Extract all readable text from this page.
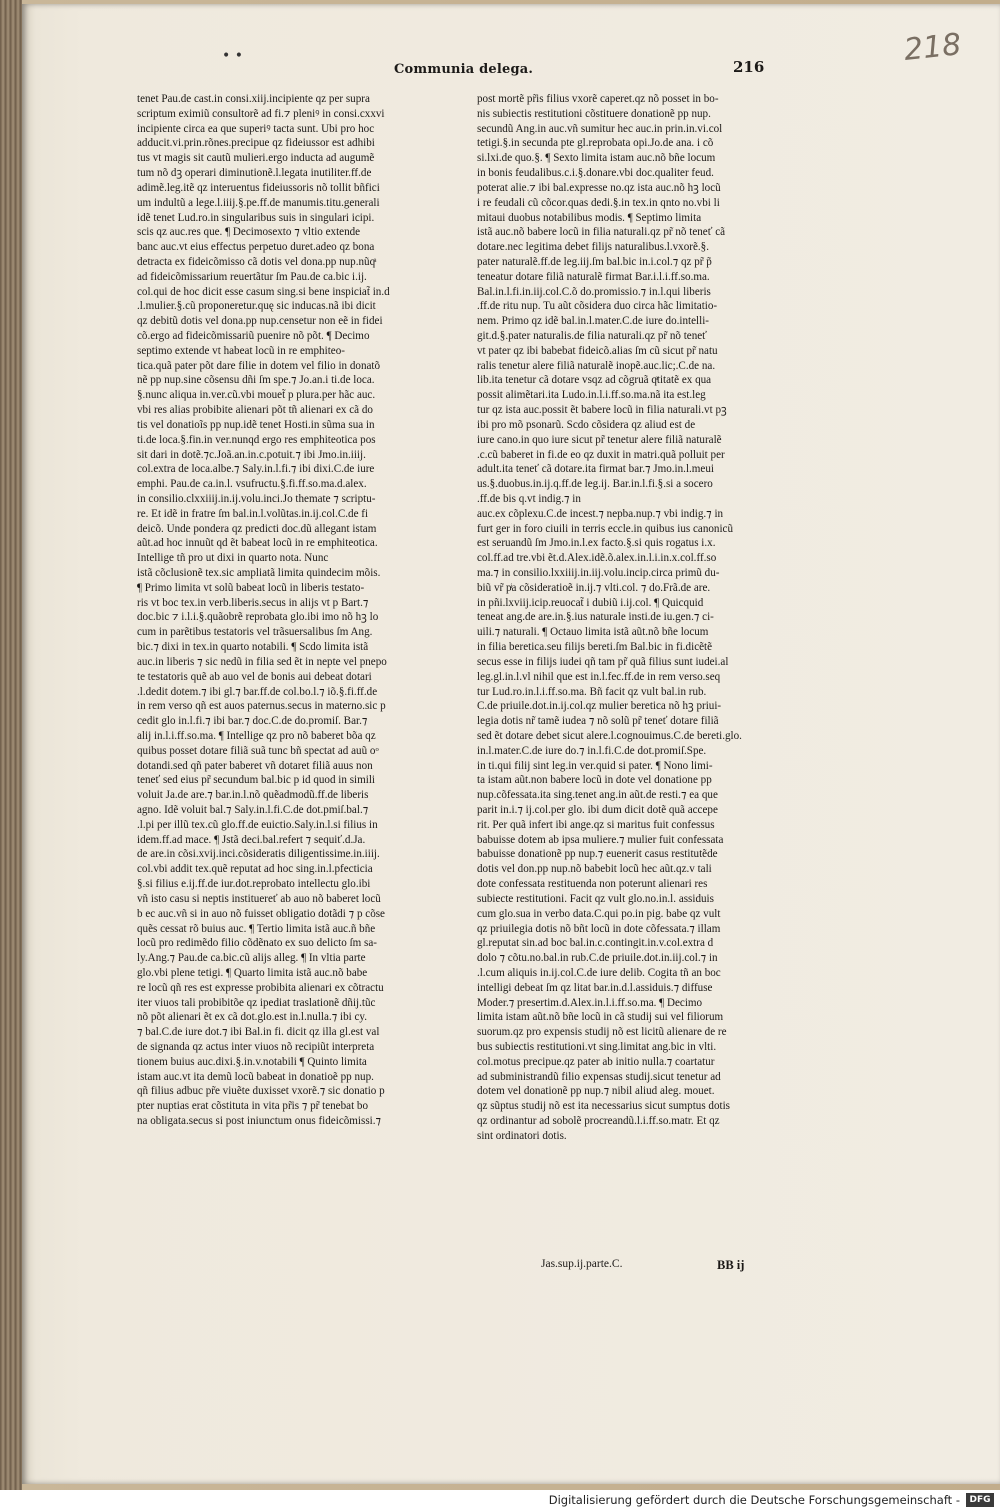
• •
Communia delega.	216	218
tenet Pau.de cast.in consi.xiij.incipiente qz per supra
scriptum eximiũ consultorẽ ad fi.⁊ pleniꝰ in consi.cxxvi
incipiente circa ea que superiꝰ tacta sunt. Ubi pro hoc
adducit.vi.prin.rõnes.precipue qz fideiussor est adhibi
tus vt magis sit cautũ mulieri.ergo inducta ad augumẽ
tum nõ dꝫ operari diminutionẽ.l.legata inutiliter.ff.de
adimẽ.leg.itẽ qz interuentus fideiussoris nõ tollit bñfici
um indultũ a lege.l.iiij.§.pe.ff.de manumis.titu.generali
idẽ tenet Lud.ro.in singularibus suis in singulari icipi.
scis qz auc.res que. ¶ Decimosexto ⁊ vltio extende
banc auc.vt eius effectus perpetuo duret.adeo qz bona
detracta ex fideicõmisso cã dotis vel dona.pp nup.nũqͣ
ad fideicõmissarium reuertãtur ſm Pau.de ca.bic i.ij.
col.qui de hoc dicit esse casum sing.si bene inspiciat̃ in.d
.l.mulier.§.cũ proponeretur.quę sic inducas.nã ibi dicit
qz debitũ dotis vel dona.pp nup.censetur non eẽ in fidei
cõ.ergo ad fideicõmissariũ puenire nõ põt. ¶ Decimo
septimo extende vt habeat locũ in re emphiteo-
tica.quã pater põt dare filie in dotem vel filio in donatõ
nẽ pp nup.sine cõsensu dñi ſm spe.⁊ Jo.an.i ti.de loca.
§.nunc aliqua in.ver.cũ.vbi mouet̃ p plura.per hãc auc.
vbi res alias probibite alienari põt tñ alienari ex cã do
tis vel donatioĩs pp nup.idẽ tenet Hosti.in sũma sua in
ti.de loca.§.fin.in ver.nunqd ergo res emphiteotica pos
sit dari in dotẽ.⁊c.Joã.an.in.c.potuit.⁊ ibi Jmo.in.iiij.
col.extra de loca.albe.⁊ Saly.in.l.fi.⁊ ibi dixi.C.de iure
emphi. Pau.de ca.in.l. vsufructu.§.fi.ff.so.ma.d.alex.
in consilio.clxxiiij.in.ij.volu.inci.Jo themate ⁊ scriptu-
re. Et idẽ in fratre ſm bal.in.l.volũtas.in.ij.col.C.de fi
deicõ. Unde pondera qz predicti doc.dũ allegant istam
aũt.ad hoc innuũt qd ẽt babeat locũ in re emphiteotica.
Intellige tñ pro ut dixi in quarto nota. Nunc
istã cõclusionẽ tex.sic ampliatã limita quindecim mõis.
¶ Primo limita vt solũ babeat locũ in liberis testato-
ris vt boc tex.in verb.liberis.secus in alijs vt p Bart.⁊
doc.bic ⁊ i.l.i.§.quãobrẽ reprobata glo.ibi imo nõ hꝫ lo
cum in parẽtibus testatoris vel trãsuersalibus ſm Ang.
bic.⁊ dixi in tex.in quarto notabili. ¶ Scdo limita istã
auc.in liberis ⁊ sic nedũ in filia sed ẽt in nepte vel pnepo
te testatoris quẽ ab auo vel de bonis aui debeat dotari
.l.dedit dotem.⁊ ibi gl.⁊ bar.ff.de col.bo.l.⁊ iõ.§.fi.ff.de
in rem verso qñ est auos paternus.secus in materno.sic p
cedit glo in.l.fi.⁊ ibi bar.⁊ doc.C.de do.promiſ. Bar.⁊
alij in.l.i.ff.so.ma. ¶ Intellige qz pro nõ baberet bõa qz
quibus posset dotare filiã suã tunc bñ spectat ad auũ oᵒ
dotandi.sed qñ pater baberet vñ dotaret filiã auus non
teneť sed eius pr̃ secundum bal.bic p id quod in simili
voluit Ja.de are.⁊ bar.in.l.nõ quẽadmodũ.ff.de liberis
agno. Idẽ voluit bal.⁊ Saly.in.l.fi.C.de dot.pmiſ.bal.⁊
.l.pi per illũ tex.cũ glo.ff.de euictio.Saly.in.l.si filius in
idem.ff.ad mace. ¶ Jstã deci.bal.refert ⁊ sequiť.d.Ja.
de are.in cõsi.xvij.inci.cõsideratis diligentissime.in.iiij.
col.vbi addit tex.quẽ reputat ad hoc sing.in.l.pfecticia
§.si filius e.ij.ff.de iur.dot.reprobato intellectu glo.ibi
vñ isto casu si neptis instituereť ab auo nõ baberet locũ
b ec auc.vñ si in auo nõ fuisset obligatio dotãdi ⁊ p cõse
quẽs cessat rõ buius auc. ¶ Tertio limita istã auc.ñ bñe
locũ pro redimẽdo filio cõdẽnato ex suo delicto ſm sa-
ly.Ang.⁊ Pau.de ca.bic.cũ alijs alleg. ¶ In vltia parte
glo.vbi plene tetigi. ¶ Quarto limita istã auc.nõ babe
re locũ qñ res est expresse probibita alienari ex cõtractu
iter viuos tali probibitõe qz ipediat traslationẽ dñij.tũc
nõ põt alienari ẽt ex cã dot.glo.est in.l.nulla.⁊ ibi cy.
⁊ bal.C.de iure dot.⁊ ibi Bal.in fi. dicit qz illa gl.est val
de signanda qz actus inter viuos nõ recipiũt interpreta
tionem buius auc.dixi.§.in.v.notabili ¶ Quinto limita
istam auc.vt ita demũ locũ babeat in donatioẽ pp nup.
qñ filius adbuc pr̃e viuẽte duxisset vxorẽ.⁊ sic donatio p
pter nuptias erat cõstituta in vita pr̃is ⁊ pr̃ tenebat bo
na obligata.secus si post iniunctum onus fideicõmissi.⁊
post mortẽ pr̃is filius vxorẽ caperet.qz nõ posset in bo-
nis subiectis restitutioni cõstituere donationẽ pp nup.
secundũ Ang.in auc.vñ sumitur hec auc.in prin.in.vi.col
tetigi.§.in secunda pte gl.reprobata opi.Jo.de ana. i cõ
si.lxi.de quo.§. ¶ Sexto limita istam auc.nõ bñe locum
in bonis feudalibus.c.i.§.donare.vbi doc.qualiter feud.
poterat alie.⁊ ibi bal.expresse no.qz ista auc.nõ hꝫ locũ
i re feudali cũ cõcor.quas dedi.§.in tex.in qnto no.vbi li
mitaui duobus notabilibus modis. ¶ Septimo limita
istã auc.nõ babere locũ in filia naturali.qz pr̃ nõ teneť cã
dotare.nec legitima debet filijs naturalibus.l.vxorẽ.§.
pater naturalẽ.ff.de leg.iij.ſm bal.bic in.i.col.⁊ qz pr̃ p̃
teneatur dotare filiã naturalẽ firmat Bar.i.l.i.ff.so.ma.
Bal.in.l.fi.in.iij.col.C.õ do.promissio.⁊ in.l.qui liberis
.ff.de ritu nup. Tu aũt cõsidera duo circa hãc limitatio-
nem. Primo qz idẽ bal.in.l.mater.C.de iure do.intelli-
git.d.§.pater naturalis.de filia naturali.qz pr̃ nõ teneť
vt pater qz ibi babebat fideicõ.alias ſm cũ sicut pr̃ natu
ralis tenetur alere filiã naturalẽ inopẽ.auc.lic;.C.de na.
lib.ita tenetur cã dotare vsqz ad cõgruã qͣtitatẽ ex qua
possit alimẽtari.ita Ludo.in.l.i.ff.so.ma.nã ita est.leg
tur qz ista auc.possit ẽt babere locũ in filia naturali.vt pꝫ
ibi pro mõ psonarũ. Scdo cõsidera qz aliud est de
iure cano.in quo iure sicut pr̃ tenetur alere filiã naturalẽ
.c.cũ baberet in fi.de eo qz duxit in matri.quã polluit per
adult.ita teneť cã dotare.ita firmat bar.⁊ Jmo.in.l.meui
us.§.duobus.in.ij.q.ff.de leg.ij. Bar.in.l.fi.§.si a socero
.ff.de bis q.vt indig.⁊ in
auc.ex cõplexu.C.de incest.⁊ nepba.nup.⁊ vbi indig.⁊ in
furt ger in foro ciuili in terris eccle.in quibus ius canonicũ
est seruandũ ſm Jmo.in.l.ex facto.§.si quis rogatus i.x.
col.ff.ad tre.vbi ẽt.d.Alex.idẽ.õ.alex.in.l.i.in.x.col.ff.so
ma.⁊ in consilio.lxxiiij.in.iij.volu.incip.circa primũ du-
biũ vr̃ pͥa cõsideratioẽ in.ij.⁊ vlti.col. ⁊ do.Frã.de are.
in pñi.lxviij.icip.reuocat̃ i dubiũ i.ij.col. ¶ Quicquid
teneat ang.de are.in.§.ius naturale insti.de iu.gen.⁊ ci-
uili.⁊ naturali. ¶ Octauo limita istã aũt.nõ bñe locum
in filia beretica.seu filijs bereti.ſm Bal.bic in fi.dicẽtẽ
secus esse in filijs iudei qñ tam pr̃ quã filius sunt iudei.al
leg.gl.in.l.vl nihil que est in.l.fec.ff.de in rem verso.seq
tur Lud.ro.in.l.i.ff.so.ma. Bñ facit qz vult bal.in rub.
C.de priuile.dot.in.ij.col.qz mulier beretica nõ hꝫ priui-
legia dotis nr̃ tamẽ iudea ⁊ nõ solũ pr̃ teneť dotare filiã
sed ẽt dotare debet sicut alere.l.cognouimus.C.de bereti.glo.
in.l.mater.C.de iure do.⁊ in.l.fi.C.de dot.promiſ.Spe.
in ti.qui filij sint leg.in ver.quid si pater. ¶ Nono limi-
ta istam aũt.non babere locũ in dote vel donatione pp
nup.cõfessata.ita sing.tenet ang.in aũt.de resti.⁊ ea que
parit in.i.⁊ ij.col.per glo. ibi dum dicit dotẽ quã accepe
rit. Per quã infert ibi ange.qz si maritus fuit confessus
babuisse dotem ab ipsa muliere.⁊ mulier fuit confessata
babuisse donationẽ pp nup.⁊ euenerit casus restitutẽde
dotis vel don.pp nup.nõ babebit locũ hec aũt.qz.v tali
dote confessata restituenda non poterunt alienari res
subiecte restitutioni. Facit qz vult glo.no.in.l. assiduis
cum glo.sua in verbo data.C.qui po.in pig. babe qz vult
qz priuilegia dotis nõ bñt locũ in dote cõfessata.⁊ illam
gl.reputat sin.ad boc bal.in.c.contingit.in.v.col.extra d
dolo ⁊ cõtu.no.bal.in rub.C.de priuile.dot.in.iij.col.⁊ in
.l.cum aliquis in.ij.col.C.de iure delib. Cogita tñ an boc
intelligi debeat ſm qz litat bar.in.d.l.assiduis.⁊ diffuse
Moder.⁊ presertim.d.Alex.in.l.i.ff.so.ma. ¶ Decimo
limita istam aũt.nõ bñe locũ in cã studij sui vel filiorum
suorum.qz pro expensis studij nõ est licitũ alienare de re
bus subiectis restitutioni.vt sing.limitat ang.bic in vlti.
col.motus precipue.qz pater ab initio nulla.⁊ coartatur
ad subministrandũ filio expensas studij.sicut tenetur ad
dotem vel donationẽ pp nup.⁊ nibil aliud aleg. mouet.
qz sũptus studij nõ est ita necessarius sicut sumptus dotis
qz ordinantur ad sobolẽ procreandũ.l.i.ff.so.matr. Et qz
sint ordinatori dotis.
Jas.sup.ij.parte.C.	BB ij
Digitalisierung gefördert durch die Deutsche Forschungsgemeinschaft -	DFG
